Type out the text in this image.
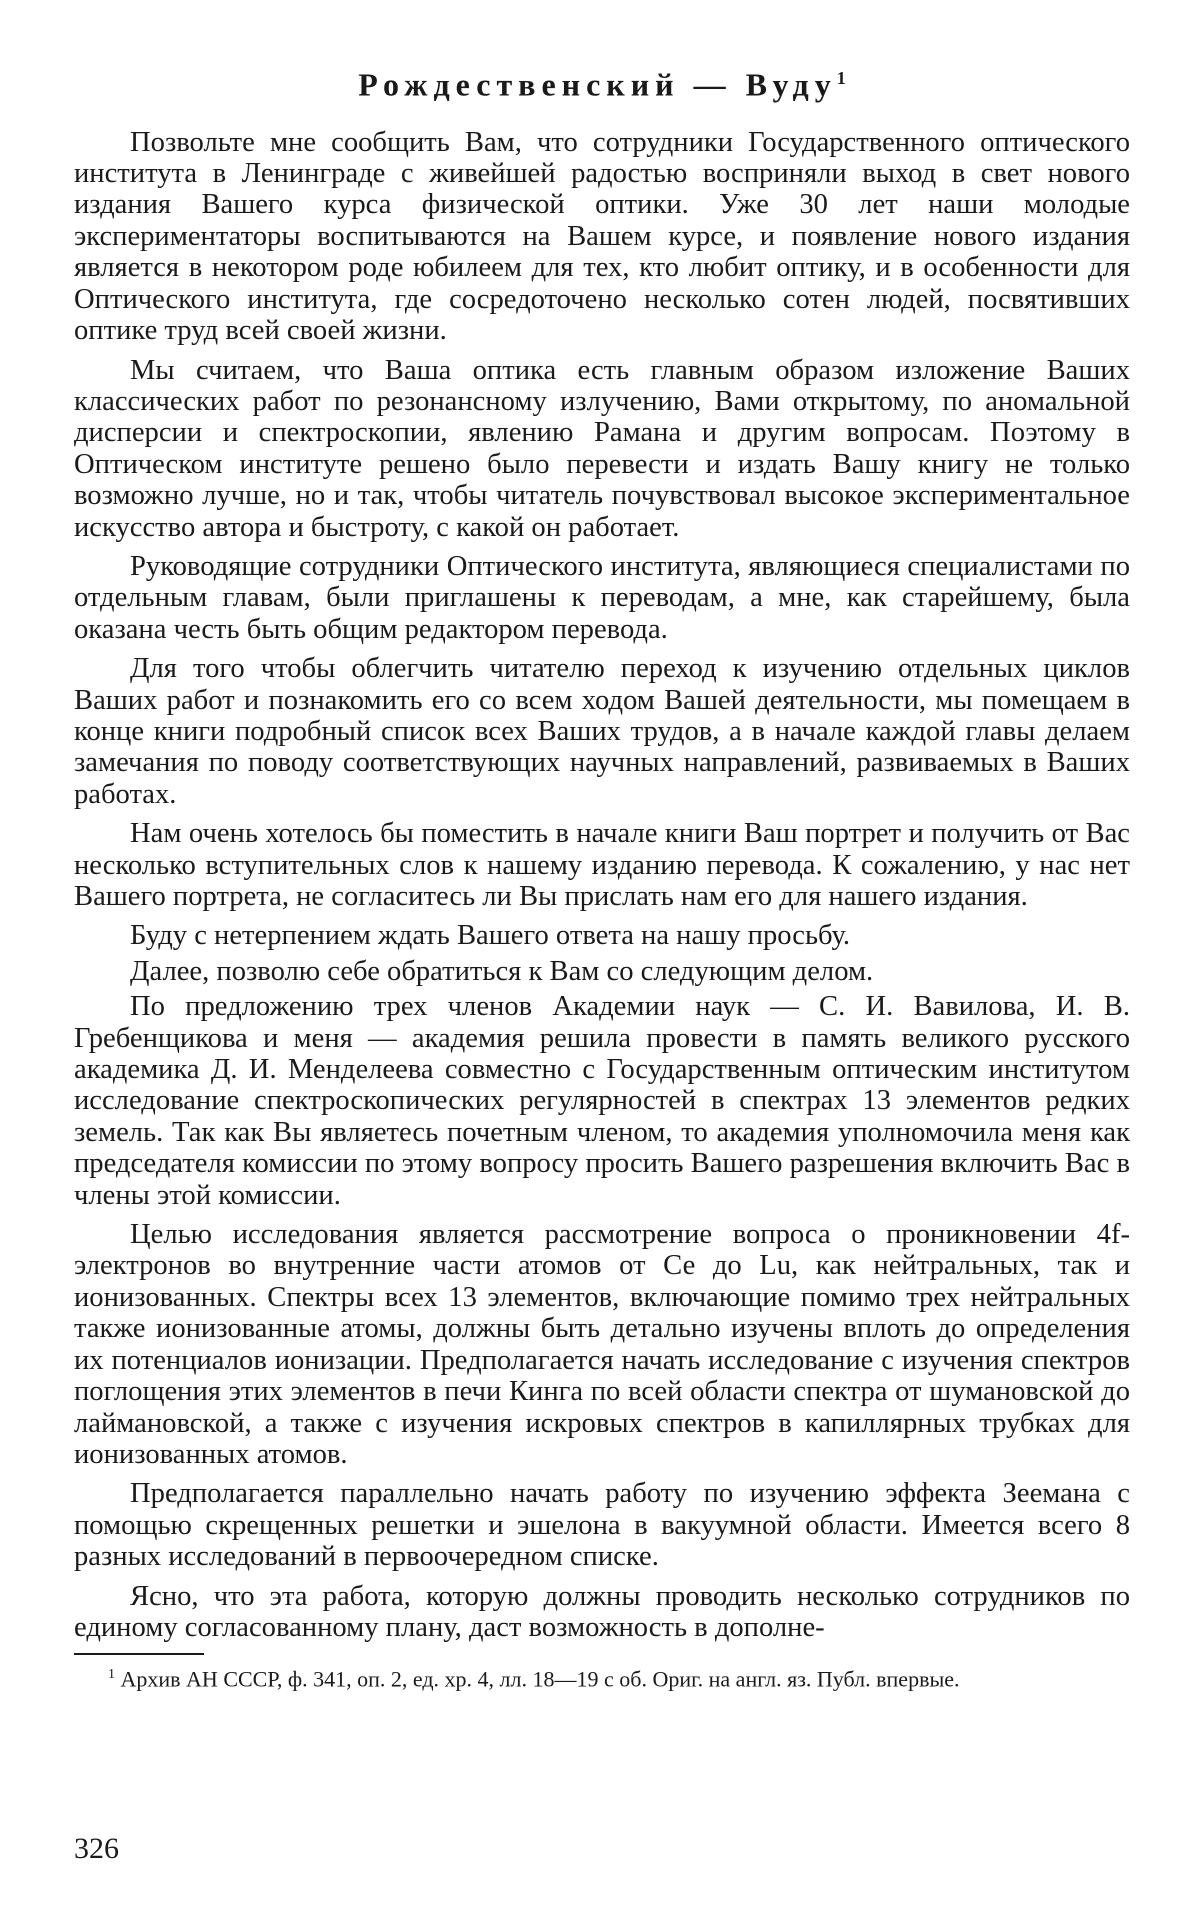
Рождественский — Вуду$^1$

Позвольте мне сообщить Вам, что сотрудники Государственного оптического института в Ленинграде с живейшей радостью восприняли выход в свет нового издания Вашего курса физической оптики. Уже 30 лет наши молодые экспериментаторы воспитываются на Вашем курсе, и появление нового издания является в некотором роде юбилеем для тех, кто любит оптику, и в особенности для Оптического института, где сосредоточено несколько сотен людей, посвятивших оптике труд всей своей жизни.

Мы считаем, что Ваша оптика есть главным образом изложение Ваших классических работ по резонансному излучению, Вами открытому, по аномальной дисперсии и спектроскопии, явлению Рамана и другим вопросам. Поэтому в Оптическом институте решено было перевести и издать Вашу книгу не только возможно лучше, но и так, чтобы читатель почувствовал высокое экспериментальное искусство автора и быстроту, с какой он работает.

Руководящие сотрудники Оптического института, являющиеся специалистами по отдельным главам, были приглашены к переводам, а мне, как старейшему, была оказана честь быть общим редактором перевода.

Для того чтобы облегчить читателю переход к изучению отдельных циклов Ваших работ и познакомить его со всем ходом Вашей деятельности, мы помещаем в конце книги подробный список всех Ваших трудов, а в начале каждой главы делаем замечания по поводу соответствующих научных направлений, развиваемых в Ваших работах.

Нам очень хотелось бы поместить в начале книги Ваш портрет и получить от Вас несколько вступительных слов к нашему изданию перевода. К сожалению, у нас нет Вашего портрета, не согласитесь ли Вы прислать нам его для нашего издания.

Буду с нетерпением ждать Вашего ответа на нашу просьбу.

Далее, позволю себе обратиться к Вам со следующим делом.

По предложению трех членов Академии наук — С. И. Вавилова, И. В. Гребенщикова и меня — академия решила провести в память великого русского академика Д. И. Менделеева совместно с Государственным оптическим институтом исследование спектроскопических регулярностей в спектрах 13 элементов редких земель. Так как Вы являетесь почетным членом, то академия уполномочила меня как председателя комиссии по этому вопросу просить Вашего разрешения включить Вас в члены этой комиссии.

Целью исследования является рассмотрение вопроса о проникновении 4f-электронов во внутренние части атомов от Се до Lu, как нейтральных, так и ионизованных. Спектры всех 13 элементов, включающие помимо трех нейтральных также ионизованные атомы, должны быть детально изучены вплоть до определения их потенциалов ионизации. Предполагается начать исследование с изучения спектров поглощения этих элементов в печи Кинга по всей области спектра от шумановской до лаймановской, а также с изучения искровых спектров в капиллярных трубках для ионизованных атомов.

Предполагается параллельно начать работу по изучению эффекта Зеемана с помощью скрещенных решетки и эшелона в вакуумной области. Имеется всего 8 разных исследований в первоочередном списке.

Ясно, что эта работа, которую должны проводить несколько сотрудников по единому согласованному плану, даст возможность в дополне-

$^1$ Архив АН СССР, ф. 341, оп. 2, ед. хр. 4, лл. 18—19 с об. Ориг. на англ. яз. Публ. впервые.

326
